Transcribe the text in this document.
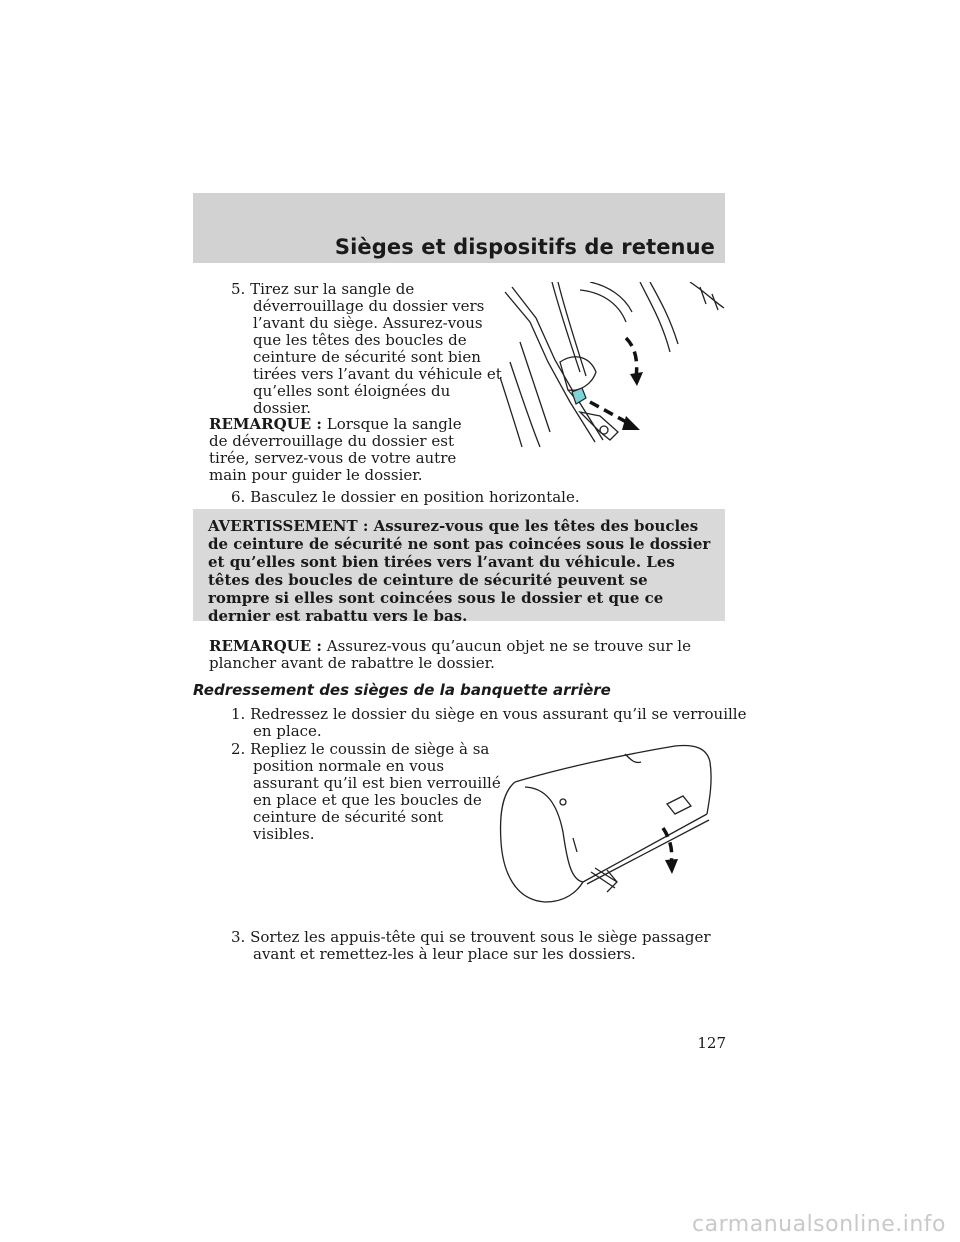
Sièges et dispositifs de retenue
5. Tirez sur la sangle de déverrouillage du dossier vers l’avant du siège. Assurez-vous que les têtes des boucles de ceinture de sécurité sont bien tirées vers l’avant du véhicule et qu’elles sont éloignées du dossier.
REMARQUE : Lorsque la sangle de déverrouillage du dossier est tirée, servez-vous de votre autre main pour guider le dossier.
6. Basculez le dossier en position horizontale.
AVERTISSEMENT : Assurez-vous que les têtes des boucles de ceinture de sécurité ne sont pas coincées sous le dossier et qu’elles sont bien tirées vers l’avant du véhicule. Les têtes des boucles de ceinture de sécurité peuvent se rompre si elles sont coincées sous le dossier et que ce dernier est rabattu vers le bas.
REMARQUE : Assurez-vous qu’aucun objet ne se trouve sur le plancher avant de rabattre le dossier.
Redressement des sièges de la banquette arrière
1. Redressez le dossier du siège en vous assurant qu’il se verrouille en place.
2. Repliez le coussin de siège à sa position normale en vous assurant qu’il est bien verrouillé en place et que les boucles de ceinture de sécurité sont visibles.
3. Sortez les appuis-tête qui se trouvent sous le siège passager avant et remettez-les à leur place sur les dossiers.
127
carmanualsonline.info
